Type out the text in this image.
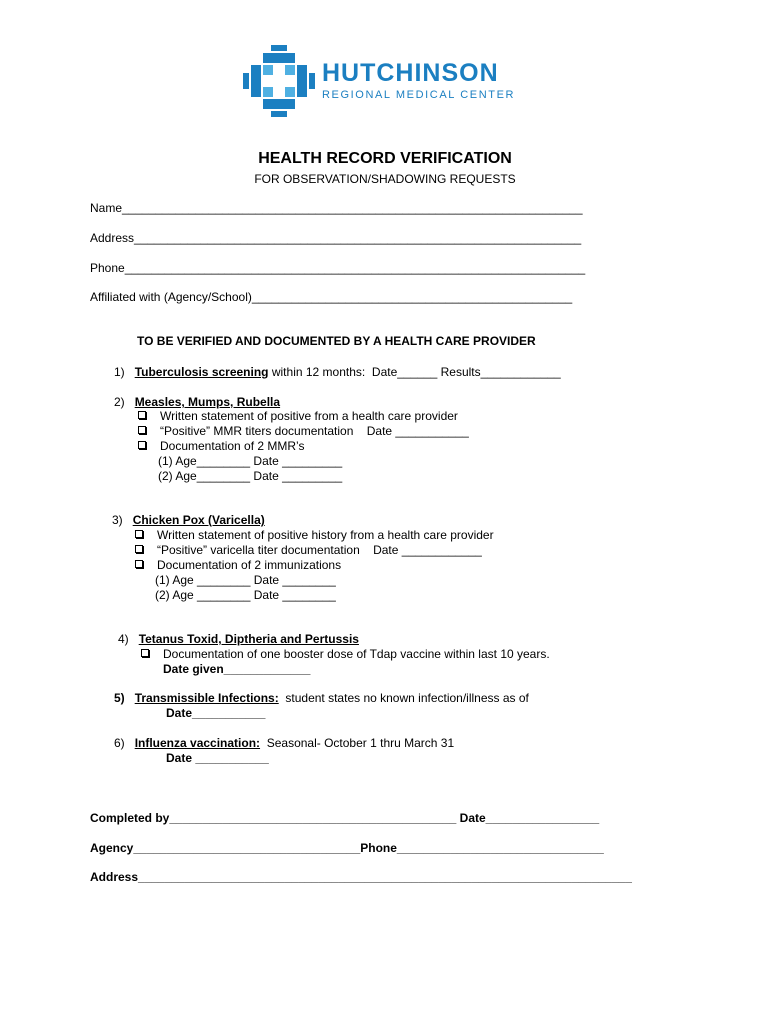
HUTCHINSON
REGIONAL MEDICAL CENTER
HEALTH RECORD VERIFICATION
FOR OBSERVATION/SHADOWING REQUESTS
Name_____________________________________________________________________
Address___________________________________________________________________
Phone_____________________________________________________________________
Affiliated with (Agency/School)________________________________________________
TO BE VERIFIED AND DOCUMENTED BY A HEALTH CARE PROVIDER
1) Tuberculosis screening within 12 months:  Date______ Results____________
2) Measles, Mumps, Rubella
Written statement of positive from a health care provider
“Positive” MMR titers documentation    Date ___________
Documentation of 2 MMR’s
(1) Age________ Date _________
(2) Age________ Date _________
3) Chicken Pox (Varicella)
Written statement of positive history from a health care provider
“Positive” varicella titer documentation    Date ____________
Documentation of 2 immunizations
(1) Age ________ Date ________
(2) Age ________ Date ________
4) Tetanus Toxid, Diptheria and Pertussis
Documentation of one booster dose of Tdap vaccine within last 10 years.
Date given_____________
5) Transmissible Infections:  student states no known infection/illness as of
Date___________
6) Influenza vaccination:  Seasonal- October 1 thru March 31
Date ___________
Completed by___________________________________________ Date_________________
Agency__________________________________Phone_______________________________
Address__________________________________________________________________________
